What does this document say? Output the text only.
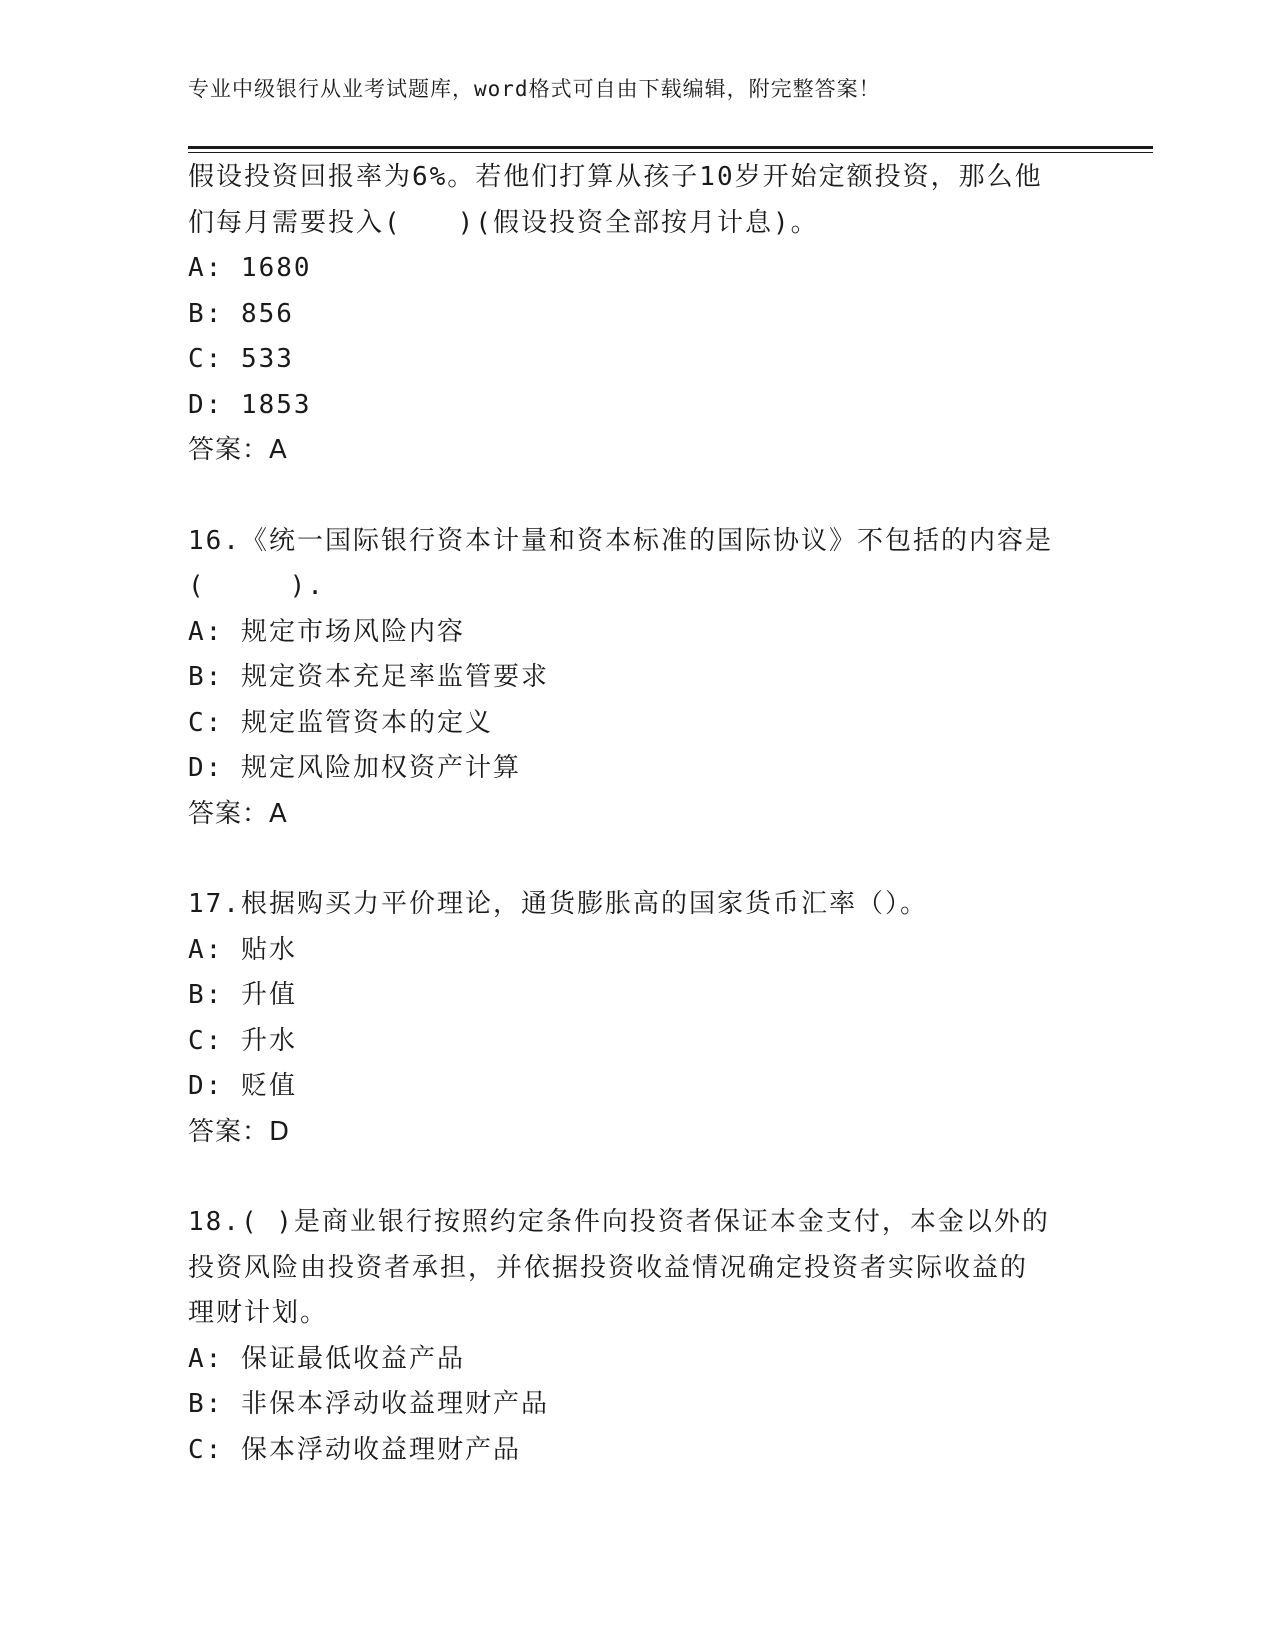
专业中级银行从业考试题库，word格式可自由下载编辑，附完整答案！
假设投资回报率为6%。若他们打算从孩子10岁开始定额投资，那么他
们每月需要投入(　　)(假设投资全部按月计息)。
A: 1680
B: 856
C: 533
D: 1853
答案：A
16.《统一国际银行资本计量和资本标准的国际协议》不包括的内容是
(　　　).
A: 规定市场风险内容
B: 规定资本充足率监管要求
C: 规定监管资本的定义
D: 规定风险加权资产计算
答案：A
17.根据购买力平价理论，通货膨胀高的国家货币汇率（）。
A: 贴水
B: 升值
C: 升水
D: 贬值
答案：D
18.( )是商业银行按照约定条件向投资者保证本金支付，本金以外的
投资风险由投资者承担，并依据投资收益情况确定投资者实际收益的
理财计划。
A: 保证最低收益产品
B: 非保本浮动收益理财产品
C: 保本浮动收益理财产品
